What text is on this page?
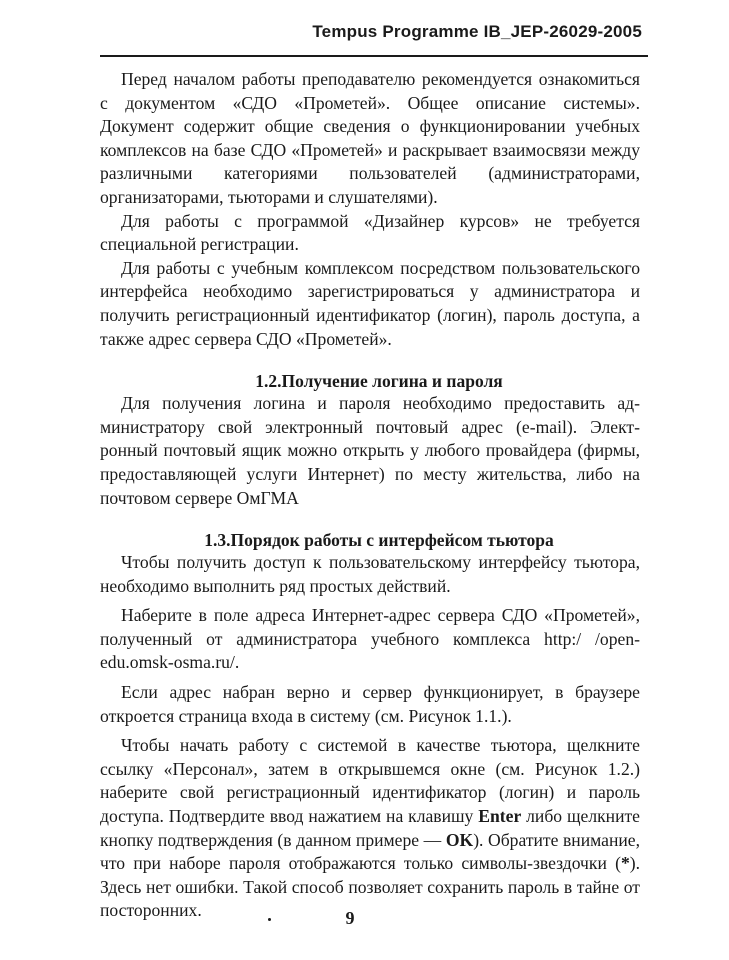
Tempus Programme IB_JEP-26029-2005

Перед началом работы преподавателю рекомендуется ознакомиться с документом «СДО «Прометей». Общее описание системы». Документ содержит общие сведения о функционировании учебных комплексов на базе СДО «Прометей» и раскрывает взаимосвязи между различными категориями пользователей (администраторами, организаторами, тьюторами и слушателями).

Для работы с программой «Дизайнер курсов» не требуется специальной регистрации.

Для работы с учебным комплексом посредством пользовательского интерфейса необходимо зарегистрироваться у администратора и получить регистрационный идентификатор (логин), пароль доступа, а также адрес сервера СДО «Прометей».

1.2.Получение логина и пароля

Для получения логина и пароля необходимо предоставить администратору свой электронный почтовый адрес (e-mail). Электронный почтовый ящик можно открыть у любого провайдера (фирмы, предоставляющей услуги Интернет) по месту жительства, либо на почтовом сервере ОмГМА

1.3.Порядок работы с интерфейсом тьютора

Чтобы получить доступ к пользовательскому интерфейсу тьютора, необходимо выполнить ряд простых действий.

Наберите в поле адреса Интернет-адрес сервера СДО «Прометей», полученный от администратора учебного комплекса http:/ /open-edu.omsk-osma.ru/.

Если адрес набран верно и сервер функционирует, в браузере откроется страница входа в систему (см. Рисунок 1.1.).

Чтобы начать работу с системой в качестве тьютора, щелкните ссылку «Персонал», затем в открывшемся окне (см. Рисунок 1.2.) наберите свой регистрационный идентификатор (логин) и пароль доступа. Подтвердите ввод нажатием на клавишу Enter либо щелкните кнопку подтверждения (в данном примере — OK). Обратите внимание, что при наборе пароля отображаются только символы-звездочки (*). Здесь нет ошибки. Такой способ позволяет сохранить пароль в тайне от посторонних.	9
